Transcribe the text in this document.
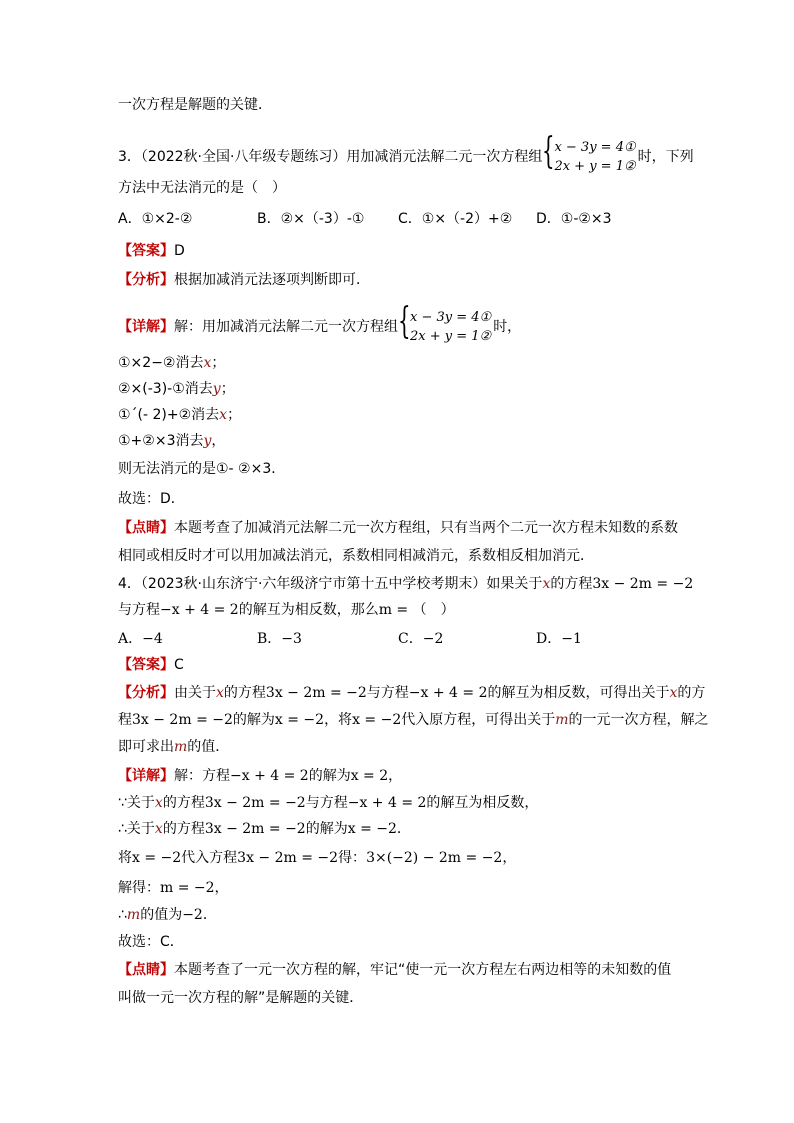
一次方程是解题的关键．
3．（2022秋·全国·八年级专题练习）用加减消元法解二元一次方程组 { x − 3y = 4①
2x + y = 1②
时，下列
方法中无法消元的是（　）
A．①×2-②	B．②×（-3）-① C．①×（-2）+② D．①-②×3
【答案】D
【分析】根据加减消元法逐项判断即可．
【详解】解：用加减消元法解二元一次方程组 { x − 3y = 4①
2x + y = 1②
时，
①×2−②消去x；
②×(-3)-①消去y；
①´(- 2)+②消去x；
①+②×3消去y，
则无法消元的是①- ②×3．
故选：D．
【点睛】本题考查了加减消元法解二元一次方程组，只有当两个二元一次方程未知数的系数
相同或相反时才可以用加减法消元，系数相同相减消元，系数相反相加消元．
4．（2023秋·山东济宁·六年级济宁市第十五中学校考期末）如果关于x的方程3x − 2m = −2
与方程−x + 4 = 2的解互为相反数，那么m = （　）
A．−4	B．−3	C．−2	D．−1
【答案】C
【分析】由关于x的方程3x − 2m = −2与方程−x + 4 = 2的解互为相反数，可得出关于x的方
程3x − 2m = −2的解为x = −2，将x = −2代入原方程，可得出关于m的一元一次方程，解之
即可求出m的值．
【详解】解：方程−x + 4 = 2的解为x = 2，
∵关于x的方程3x − 2m = −2与方程−x + 4 = 2的解互为相反数，
∴关于x的方程3x − 2m = −2的解为x = −2．
将x = −2代入方程3x − 2m = −2得：3×(−2) − 2m = −2，
解得：m = −2，
∴m的值为−2．
故选：C．
【点睛】本题考查了一元一次方程的解，牢记“使一元一次方程左右两边相等的未知数的值
叫做一元一次方程的解”是解题的关键．
